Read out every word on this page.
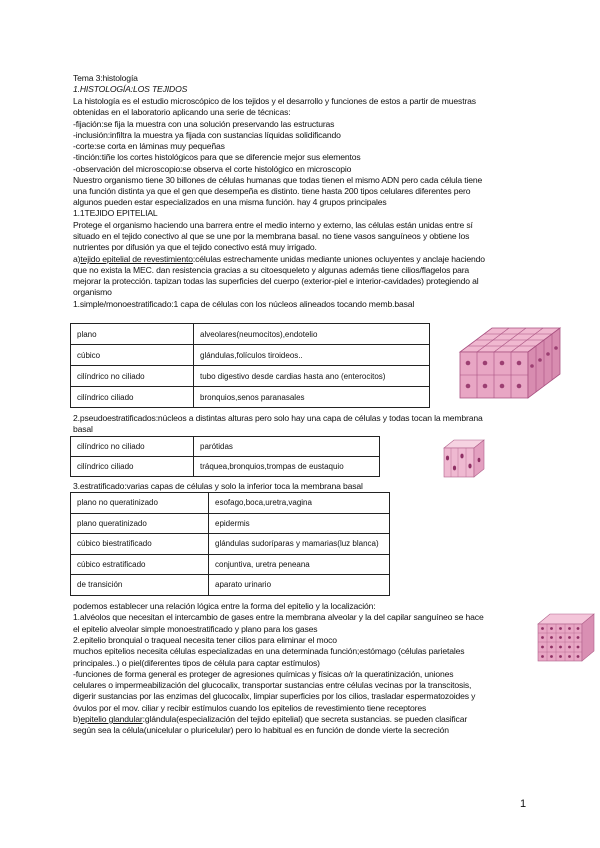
Tema 3:histología
1.HISTOLOGÍA:LOS TEJIDOS
La histología es el estudio microscópico de los tejidos y el desarrollo y funciones de estos a partir de muestras
obtenidas en el laboratorio aplicando una serie de técnicas:
-fijación:se fija la muestra con una solución preservando las estructuras
-inclusión:infiltra la muestra ya fijada con sustancias líquidas solidificando
-corte:se corta en láminas muy pequeñas
-tinción:tiñe los cortes histológicos para que se diferencie mejor sus elementos
-observación del microscopio:se observa el corte histológico en microscopio
Nuestro organismo tiene 30 billones de células humanas que todas tienen el mismo ADN pero cada célula tiene
una función distinta ya que el gen que desempeña es distinto. tiene hasta 200 tipos celulares diferentes pero
algunos pueden estar especializados en una misma función. hay 4 grupos principales
1.1TEJIDO EPITELIAL
Protege el organismo haciendo una barrera entre el medio interno y externo, las células están unidas entre sí
situado en el tejido conectivo al que se une por la membrana basal. no tiene vasos sanguíneos y obtiene los
nutrientes por difusión ya que el tejido conectivo está muy irrigado.
a)tejido epitelial de revestimiento:células estrechamente unidas mediante uniones ocluyentes y anclaje haciendo
que no exista la MEC. dan resistencia gracias a su citoesqueleto y algunas además tiene cilios/flagelos para
mejorar la protección. tapizan todas las superficies del cuerpo (exterior-piel e interior-cavidades) protegiendo al
organismo
1.simple/monoestratificado:1 capa de células con los núcleos alineados tocando memb.basal
plano	alveolares(neumocitos),endotelio
cúbico	glándulas,folículos tiroideos..
cilíndrico no ciliado	tubo digestivo desde cardias hasta ano (enterocitos)
cilíndrico ciliado	bronquios,senos paranasales
2.pseudoestratificados:núcleos a distintas alturas pero solo hay una capa de células y todas tocan la membrana
basal
cilíndrico no ciliado	parótidas
cilíndrico ciliado	tráquea,bronquios,trompas de eustaquio
3.estratificado:varias capas de células y solo la inferior toca la membrana basal
plano no queratinizado	esofago,boca,uretra,vagina
plano queratinizado	epidermis
cúbico biestratificado	glándulas sudoríparas y mamarias(luz blanca)
cúbico estratificado	conjuntiva, uretra peneana
de transición	aparato urinario
podemos establecer una relación lógica entre la forma del epitelio y la localización:
1.alvéolos que necesitan el intercambio de gases entre la membrana alveolar y la del capilar sanguíneo se hace
el epitelio alveolar simple monoestratificado y plano para los gases
2.epitelio bronquial o traqueal necesita tener cilios para eliminar el moco
muchos epitelios necesita células especializadas en una determinada función;estómago (células parietales
principales..) o piel(diferentes tipos de célula para captar estímulos)
-funciones de forma general es proteger de agresiones químicas y físicas o/r la queratinización, uniones
celulares o impermeabilización del glucocalix, transportar sustancias entre células vecinas por la transcitosis,
digerir sustancias por las enzimas del glucocalix, limpiar superficies por los cilios, trasladar espermatozoides y
óvulos por el mov. ciliar y recibir estímulos cuando los epitelios de revestimiento tiene receptores
b)epitelio glandular:glándula(especialización del tejido epitelial) que secreta sustancias. se pueden clasificar
según sea la célula(unicelular o pluricelular) pero lo habitual es en función de donde vierte la secreción
1
